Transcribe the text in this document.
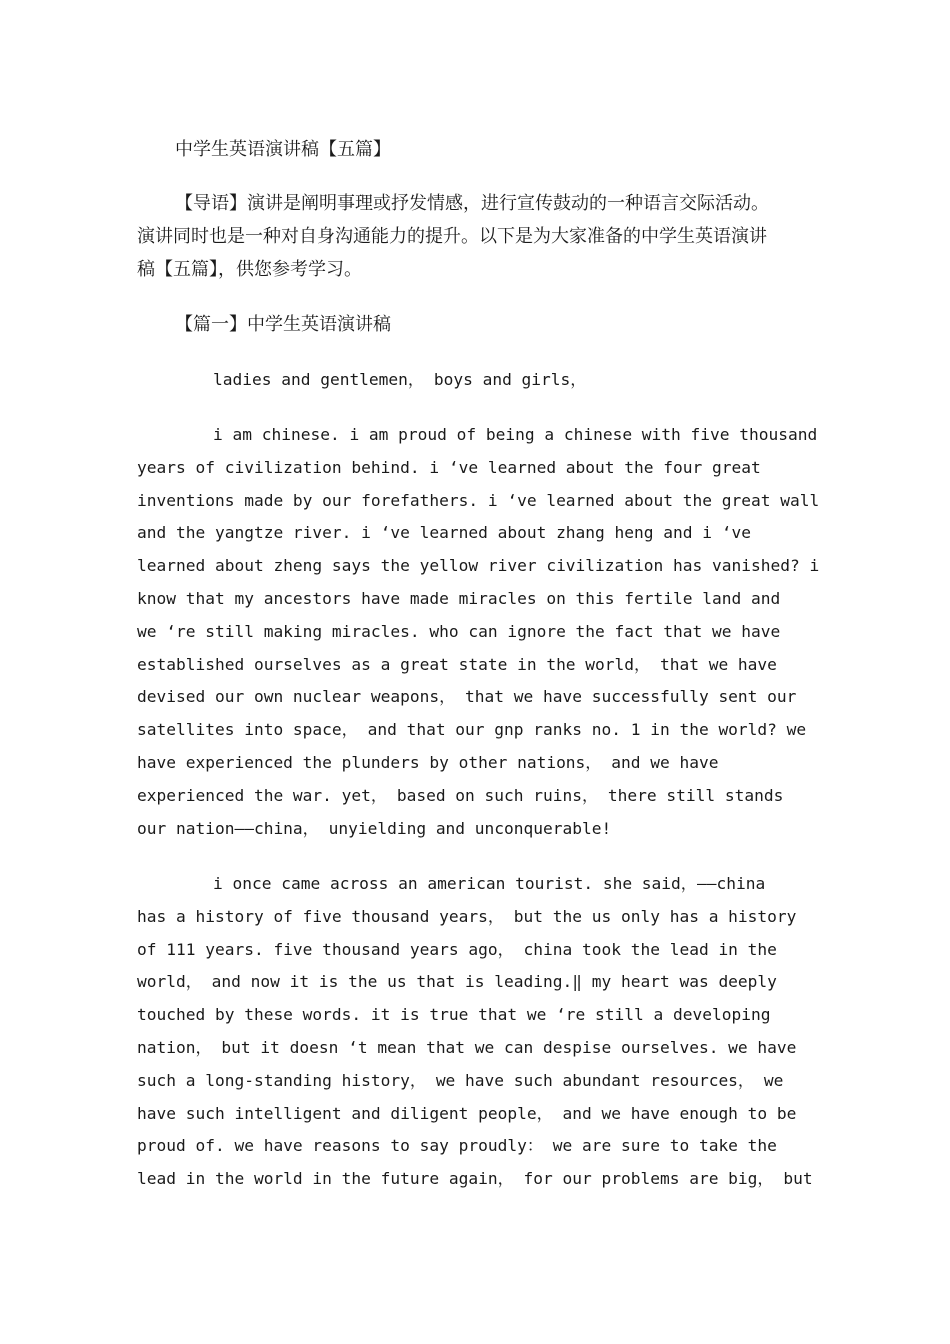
中学生英语演讲稿【五篇】

【导语】演讲是阐明事理或抒发情感，进行宣传鼓动的一种语言交际活动。

演讲同时也是一种对自身沟通能力的提升。以下是为大家准备的中学生英语演讲

稿【五篇】，供您参考学习。

【篇一】中学生英语演讲稿

ladies and gentlemen， boys and girls，
i am chinese. i am proud of being a chinese with five thousand
years of civilization behind. i ‘ve learned about the four great
inventions made by our forefathers. i ‘ve learned about the great wall
and the yangtze river. i ‘ve learned about zhang heng and i ‘ve
learned about zheng says the yellow river civilization has vanished? i
know that my ancestors have made miracles on this fertile land and
we ‘re still making miracles. who can ignore the fact that we have
established ourselves as a great state in the world， that we have
devised our own nuclear weapons， that we have successfully sent our
satellites into space， and that our gnp ranks no. 1 in the world? we
have experienced the plunders by other nations， and we have
experienced the war. yet， based on such ruins， there still stands
our nation——china， unyielding and unconquerable!
i once came across an american tourist. she said，——china
has a history of five thousand years， but the us only has a history
of 111 years. five thousand years ago， china took the lead in the
world， and now it is the us that is leading.‖ my heart was deeply
touched by these words. it is true that we ‘re still a developing
nation， but it doesn ‘t mean that we can despise ourselves. we have
such a long-standing history， we have such abundant resources， we
have such intelligent and diligent people， and we have enough to be
proud of. we have reasons to say proudly： we are sure to take the
lead in the world in the future again， for our problems are big， but
